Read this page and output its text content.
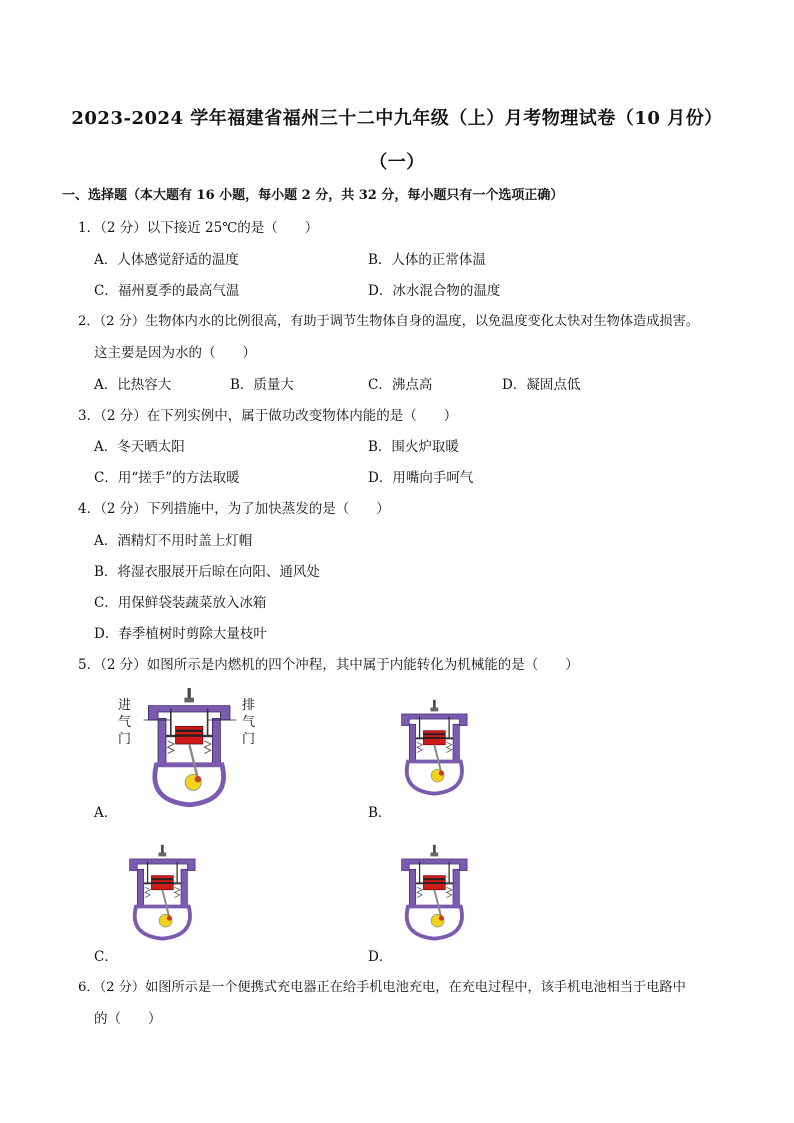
2023-2024 学年福建省福州三十二中九年级（上）月考物理试卷（10 月份）
（一）
一、选择题（本大题有 16 小题，每小题 2 分，共 32 分，每小题只有一个选项正确）
1．（2 分）以下接近 25℃的是（　　）
A．人体感觉舒适的温度	B．人体的正常体温
C．福州夏季的最高气温	D．冰水混合物的温度
2．（2 分）生物体内水的比例很高，有助于调节生物体自身的温度，以免温度变化太快对生物体造成损害。
这主要是因为水的（　　）
A．比热容大	B．质量大	C．沸点高	D．凝固点低
3．（2 分）在下列实例中，属于做功改变物体内能的是（　　）
A．冬天晒太阳	B．围火炉取暖
C．用“搓手”的方法取暖	D．用嘴向手呵气
4．（2 分）下列措施中，为了加快蒸发的是（　　）
A．酒精灯不用时盖上灯帽
B．将湿衣服展开后晾在向阳、通风处
C．用保鲜袋装蔬菜放入冰箱
D．春季植树时剪除大量枝叶
5．（2 分）如图所示是内燃机的四个冲程，其中属于内能转化为机械能的是（　　）
进
气
门
排
气
门
A．	B．
C．	D．
6．（2 分）如图所示是一个便携式充电器正在给手机电池充电，在充电过程中，该手机电池相当于电路中
的（　　）
